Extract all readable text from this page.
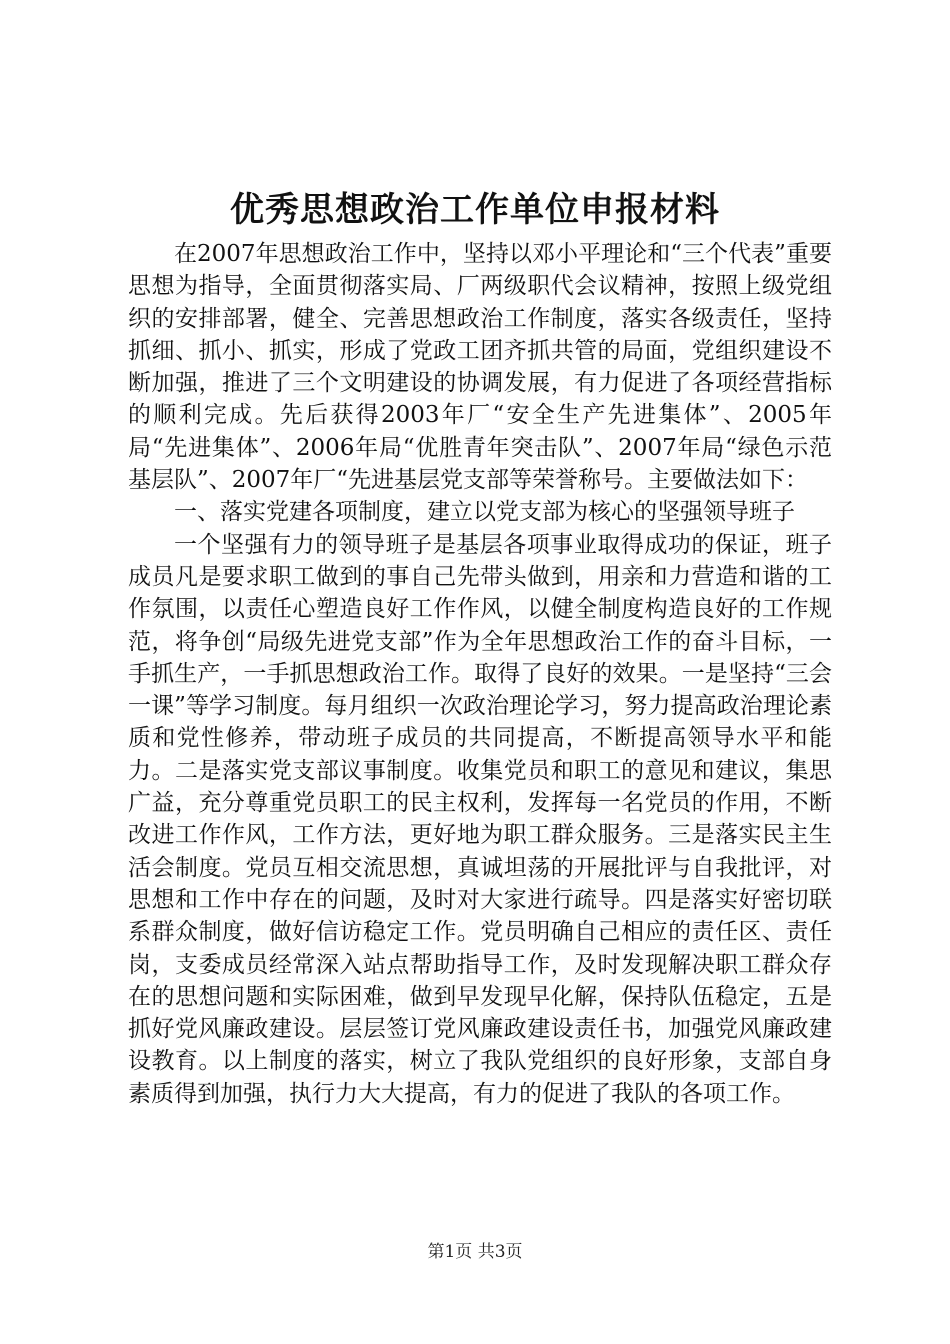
优秀思想政治工作单位申报材料

在2007年思想政治工作中，坚持以邓小平理论和“三个代表”重要思想为指导，全面贯彻落实局、厂两级职代会议精神，按照上级党组织的安排部署，健全、完善思想政治工作制度，落实各级责任，坚持抓细、抓小、抓实，形成了党政工团齐抓共管的局面，党组织建设不断加强，推进了三个文明建设的协调发展，有力促进了各项经营指标的顺利完成。先后获得2003年厂“安全生产先进集体”、2005年局“先进集体”、2006年局“优胜青年突击队”、2007年局“绿色示范基层队”、2007年厂“先进基层党支部等荣誉称号。主要做法如下：

一、落实党建各项制度，建立以党支部为核心的坚强领导班子

一个坚强有力的领导班子是基层各项事业取得成功的保证，班子成员凡是要求职工做到的事自己先带头做到，用亲和力营造和谐的工作氛围，以责任心塑造良好工作作风，以健全制度构造良好的工作规范，将争创“局级先进党支部”作为全年思想政治工作的奋斗目标，一手抓生产，一手抓思想政治工作。取得了良好的效果。一是坚持“三会一课”等学习制度。每月组织一次政治理论学习，努力提高政治理论素质和党性修养，带动班子成员的共同提高，不断提高领导水平和能力。二是落实党支部议事制度。收集党员和职工的意见和建议，集思广益，充分尊重党员职工的民主权利，发挥每一名党员的作用，不断改进工作作风，工作方法，更好地为职工群众服务。三是落实民主生活会制度。党员互相交流思想，真诚坦荡的开展批评与自我批评，对思想和工作中存在的问题，及时对大家进行疏导。四是落实好密切联系群众制度，做好信访稳定工作。党员明确自己相应的责任区、责任岗，支委成员经常深入站点帮助指导工作，及时发现解决职工群众存在的思想问题和实际困难，做到早发现早化解，保持队伍稳定，五是抓好党风廉政建设。层层签订党风廉政建设责任书，加强党风廉政建设教育。以上制度的落实，树立了我队党组织的良好形象，支部自身素质得到加强，执行力大大提高，有力的促进了我队的各项工作。

第1页 共3页
